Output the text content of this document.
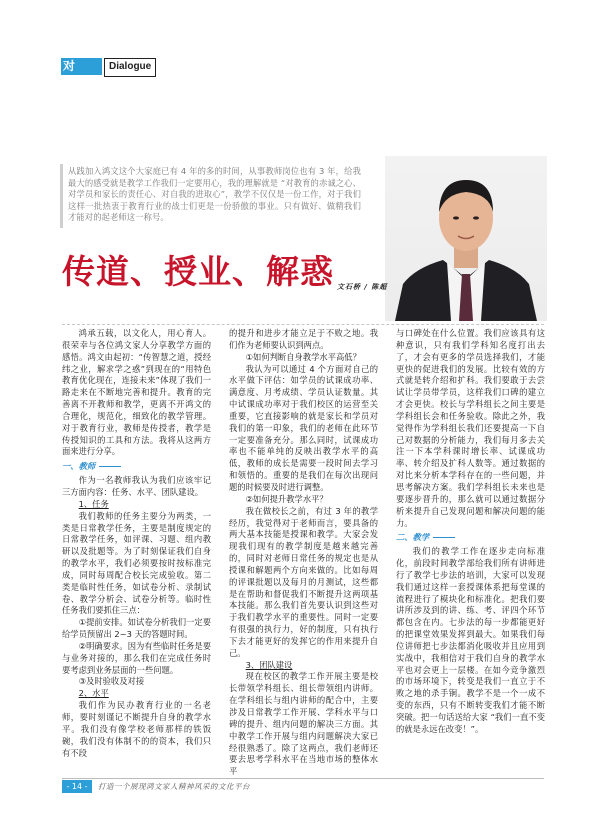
对 话
Dialogue
从践加入鸿文这个大家庭已有 4 年的多的时间，从事教师岗位也有 3 年，给我最大的感受就是教学工作我们一定要用心，我的理解就是 “对教育的赤诚之心、对学员和家长的责任心、对自我的进取心”，教学不仅仅是一份工作，对于我们这样一批热衷于教育行业的战士们更是一份骄傲的事业。只有做好、做精我们才能对的起老师这一称号。
传道、授业、解惑 文石桥 / 陈超

鸿承五载，以文化人，用心育人。很荣幸与各位鸿文家人分享教学方面的感悟。鸿文由起初：“传智慧之道，授经纬之业，解求学之惑”到现在的“用特色教育优化现在，连接未来”体现了我们一路走来在不断地完善和提升。教育的完善离不开教师和教学，更离不开鸿文的合理化，规范化，细致化的教学管理。对于教育行业，教师是传授者，教学是传授知识的工具和方法。我将从这两方面来进行分享。

一、教师

作为一名教师我认为我们应该牢记三方面内容：任务、水平、团队建设。

1、任务

我们教师的任务主要分为两类，一类是日常教学任务，主要是制度规定的日常教学任务，如评课、习题、组内教研以及批题等。为了时刻保证我们自身的教学水平，我们必须要按时按标准完成，同时每周配合校长完成验收。第二类是临时性任务，如试卷分析、录制试卷、教学分析会、试卷分析等。临时性任务我们要抓住三点：

①提前安排。如试卷分析我们一定要给学员预留出 2~3 天的答题时间。

②明确要求。因为有些临时任务是要与业务对接的，那么我们在完成任务时要考虑到业务层面的一些问题。

③及时验收及对接

2、水平

我们作为民办教育行业的一名老师，要时刻谨记不断提升自身的教学水平。我们没有像学校老师那样的铁饭碗，我们没有体制不的的资本，我们只有不段

的提升和进步才能立足于不败之地。我们作为老师要认识到两点。

①如何判断自身教学水平高低？

我认为可以通过 4 个方面对自己的水平做下评估：如学员的试课成功率、满意度、月考成绩、学员认证数量。其中试课成功率对于我们校区的运营至关重要，它直接影响的就是家长和学员对我们的第一印象，我们的老师在此环节一定要准备充分。那么同时，试课成功率也不能单纯的反映出教学水平的高低，教师的成长是需要一段时间去学习和领悟的。重要的是我们在每次出现问题的时候要及时进行调整。

②如何提升教学水平？

我在做校长之前，有过 3 年的教学经历，我觉得对于老师而言，要具备的两大基本技能是授课和教学。大家会发现我们现有的教学制度是越来越完善的，同时对老师日常任务的规定也是从授课和解题两个方向来做的。比如每周的评课批题以及每月的月测试，这些都是在帮助和督促我们不断提升这两项基本技能。那么我们首先要认识到这些对于我们教学水平的重要性。同时一定要有很强的执行力，好的制度，只有执行下去才能更好的发挥它的作用来提升自己。

3、团队建设

现在校区的教学工作开展主要是校长带领学科组长、组长带领组内讲师。在学科组长与组内讲师的配合中，主要涉及日常教学工作开展、学科水平与口碑的提升、组内问题的解决三方面。其中教学工作开展与组内问题解决大家已经很熟悉了。除了这两点，我们老师还要去思考学科水平在当地市场的整体水平

与口碑处在什么位置。我们应该具有这种意识，只有我们学科知名度打出去了，才会有更多的学员选择我们，才能更快的促进我们的发展。比较有效的方式就是转介绍和扩科。我们要敢于去尝试让学员带学员，这样我们口碑的建立才会更快。校长与学科组长之间主要是学科组长会和任务验收。除此之外，我觉得作为学科组长我们还要提高一下自己对数据的分析能力，我们每月多去关注一下本学科课时增长率、试课成功率、转介绍及扩科人数等。通过数据的对比来分析本学科存在的一些问题，并思考解决方案。我们学科组长未来也是要逐步晋升的，那么就可以通过数据分析来提升自己发现问题和解决问题的能力。

二、教学

我们的教学工作在逐步走向标准化，前段时间教学部给我们所有讲师进行了教学七步法的培训，大家可以发现我们通过这样一套授课体系把每堂课的流程进行了模块化和标准化。把我们要讲所涉及到的讲、练、考、评四个环节都包含在内。七步法的每一步都能更好的把课堂效果发挥到最大。如果我们每位讲师把七步法都消化吸收并且应用到实战中，我相信对于我们自身的教学水平也对会更上一层楼。在如今竞争激烈的市场环境下，转变是我们一直立于不败之地的杀手锏。教学不是一个一成不变的东西，只有不断转变我们才能不断突破。把一句话送给大家 “我们一直不变的就是永远在改变！”。

- 14 -	打造一个展现鸿文家人精神风采的文化平台
